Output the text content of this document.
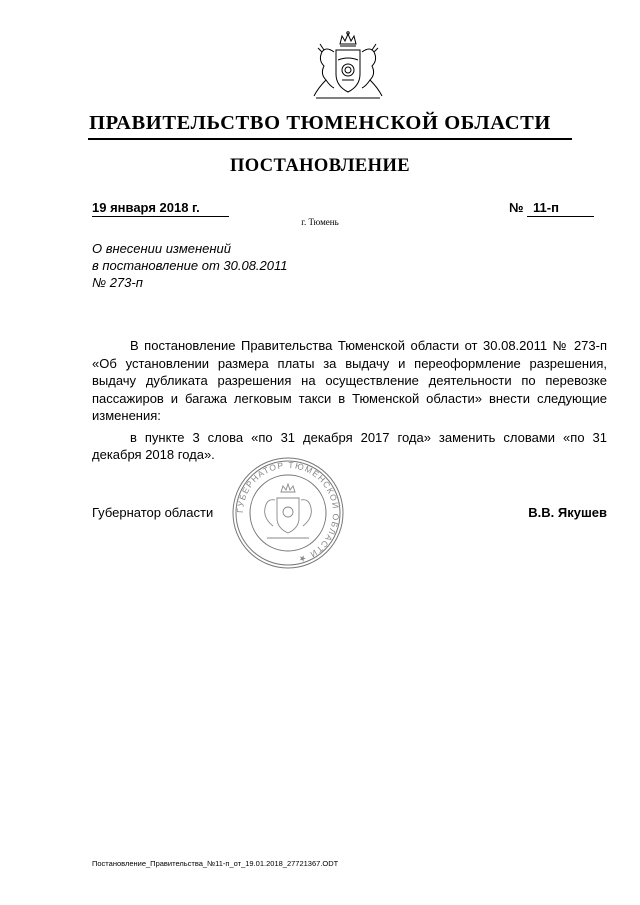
ПРАВИТЕЛЬСТВО ТЮМЕНСКОЙ ОБЛАСТИ
ПОСТАНОВЛЕНИЕ
19 января 2018 г.	№ 11-п
г. Тюмень
О внесении изменений
в постановление от 30.08.2011
№ 273-п

В постановление Правительства Тюменской области от 30.08.2011 № 273-п «Об установлении размера платы за выдачу и переоформление разрешения, выдачу дубликата разрешения на осуществление деятельности по перевозке пассажиров и багажа легковым такси в Тюменской области» внести следующие изменения:

в пункте 3 слова «по 31 декабря 2017 года» заменить словами «по 31 декабря 2018 года».

ГУБЕРНАТОР ТЮМЕНСКОЙ ОБЛАСТИ ★
Губернатор области	В.В. Якушев
Постановление_Правительства_№11-п_от_19.01.2018_27721367.ODT
